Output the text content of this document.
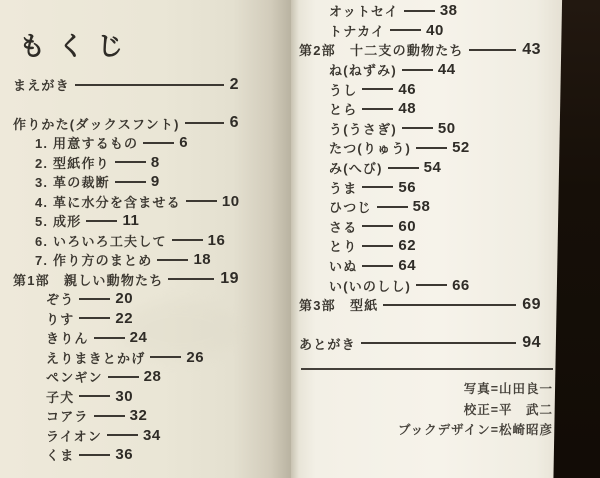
もくじ
まえがき	2
作りかた(ダックスフント)	6
1. 用意するもの	6
2. 型紙作り	8
3. 革の裁断	9
4. 革に水分を含ませる	10
5. 成形	11
6. いろいろ工夫して	16
7. 作り方のまとめ	18
第1部　親しい動物たち	19
ぞう	20
りす	22
きりん	24
えりまきとかげ	26
ペンギン	28
子犬	30
コアラ	32
ライオン	34
くま	36
オットセイ	38
トナカイ	40
第2部　十二支の動物たち	43
ね(ねずみ)	44
うし	46
とら	48
う(うさぎ)	50
たつ(りゅう)	52
み(へび)	54
うま	56
ひつじ	58
さる	60
とり	62
いぬ	64
い(いのしし)	66
第3部　型紙	69
あとがき	94
写真=山田良一
校正=平　武二
ブックデザイン=松崎昭彦
